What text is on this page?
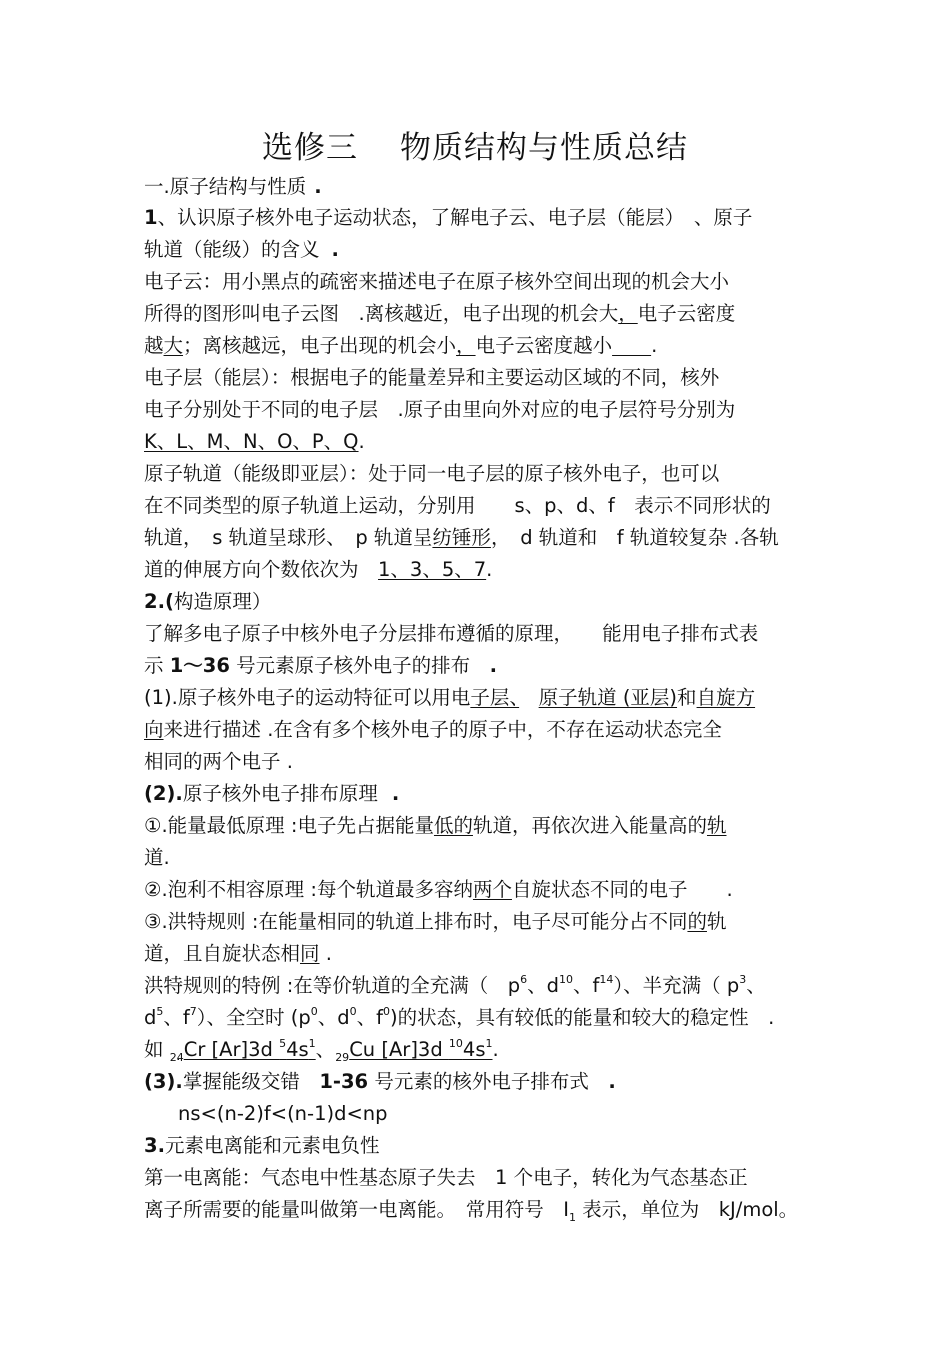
选修三 物质结构与性质总结
一.原子结构与性质 .
1、认识原子核外电子运动状态，了解电子云、电子层（能层）　、原子
轨道（能级）的含义 .
电子云：用小黑点的疏密来描述电子在原子核外空间出现的机会大小
所得的图形叫电子云图　.离核越近，电子出现的机会大，电子云密度
越大；离核越远，电子出现的机会小，电子云密度越小　　 .
电子层（能层）：根据电子的能量差异和主要运动区域的不同，核外
电子分别处于不同的电子层　.原子由里向外对应的电子层符号分别为
K、L、M、N、O、P、Q.
原子轨道（能级即亚层）：处于同一电子层的原子核外电子，也可以
在不同类型的原子轨道上运动，分别用　　s、p、d、f　表示不同形状的
轨道，　s 轨道呈球形、　p 轨道呈纺锤形，　d 轨道和　f 轨道较复杂 .各轨
道的伸展方向个数依次为　1、3、5、7.
2.(构造原理）
了解多电子原子中核外电子分层排布遵循的原理，　　能用电子排布式表
示 1～36 号元素原子核外电子的排布　.
(1).原子核外电子的运动特征可以用电子层、　 原子轨道 (亚层)和自旋方
向来进行描述 .在含有多个核外电子的原子中，不存在运动状态完全
相同的两个电子 .
(2).原子核外电子排布原理 .
①.能量最低原理 :电子先占据能量低的轨道，再依次进入能量高的轨
道.
②.泡利不相容原理 :每个轨道最多容纳两个自旋状态不同的电子　　.
③.洪特规则 :在能量相同的轨道上排布时，电子尽可能分占不同的轨
道，且自旋状态相同 .
洪特规则的特例 :在等价轨道的全充满（　$p^6$、$d^{10}$、$f^{14}$）、半充满（ $p^3$、
$d^5$、$f^7$）、全空时 ($p^0$、$d^0$、$f^0$)的状态，具有较低的能量和较大的稳定性　.
如 $_{24}$Cr [Ar]3d $^54s^1$、$_{29}$Cu [Ar]3d $^{10}4s^1$.
(3).掌握能级交错　1-36 号元素的核外电子排布式　.
ns<(n-2)f<(n-1)d<np
3.元素电离能和元素电负性
第一电离能：气态电中性基态原子失去　1 个电子，转化为气态基态正
离子所需要的能量叫做第一电离能。　常用符号　$I_1$ 表示，单位为　kJ/mol。
